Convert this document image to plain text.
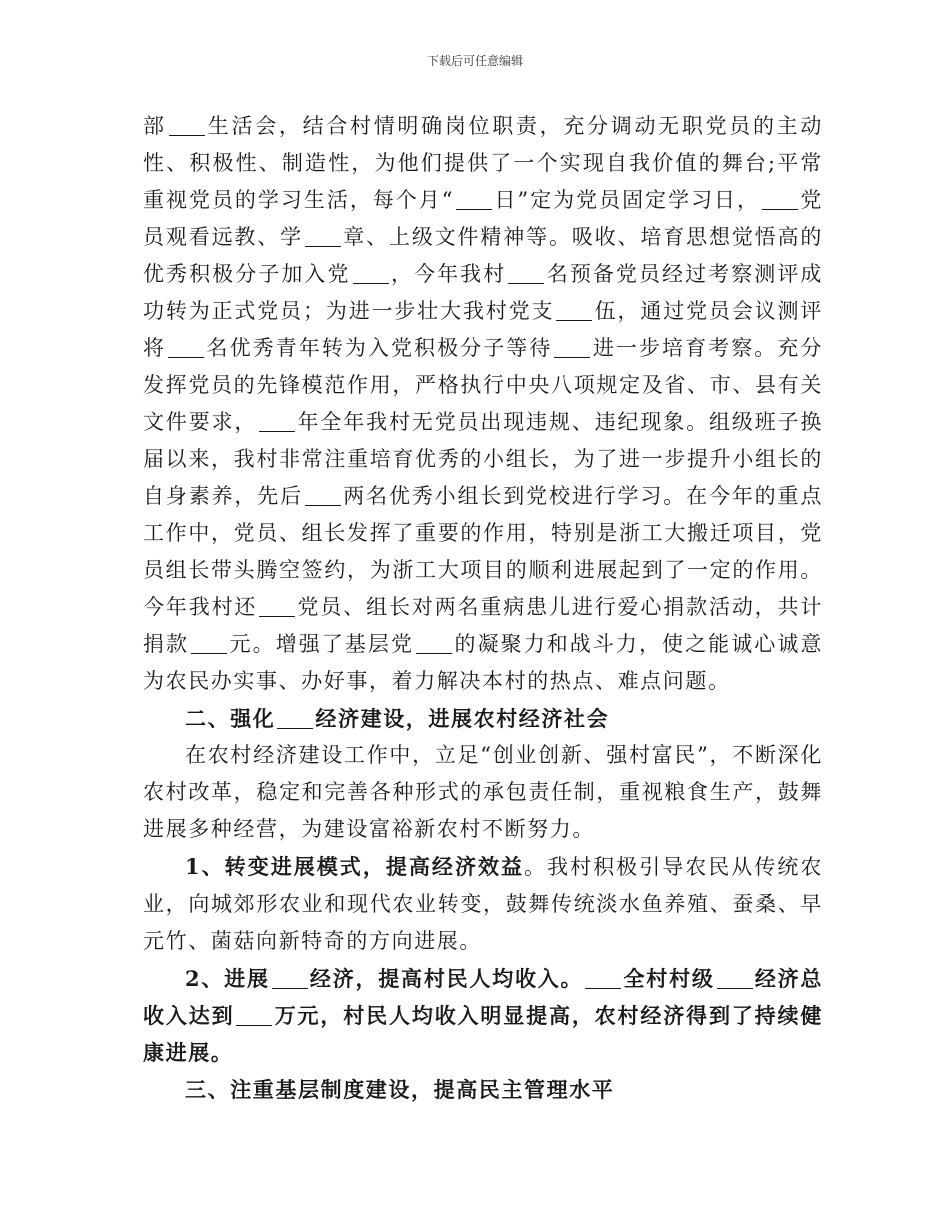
下载后可任意编辑

部 生活会，结合村情明确岗位职责，充分调动无职党员的主动性、积极性、制造性，为他们提供了一个实现自我价值的舞台;平常重视党员的学习生活，每个月“ 日”定为党员固定学习日， 党员观看远教、学 章、上级文件精神等。吸收、培育思想觉悟高的优秀积极分子加入党 ，今年我村 名预备党员经过考察测评成功转为正式党员；为进一步壮大我村党支 伍，通过党员会议测评将 名优秀青年转为入党积极分子等待 进一步培育考察。充分发挥党员的先锋模范作用，严格执行中央八项规定及省、市、县有关文件要求， 年全年我村无党员出现违规、违纪现象。组级班子换届以来，我村非常注重培育优秀的小组长，为了进一步提升小组长的自身素养，先后 两名优秀小组长到党校进行学习。在今年的重点工作中，党员、组长发挥了重要的作用，特别是浙工大搬迁项目，党员组长带头腾空签约，为浙工大项目的顺利进展起到了一定的作用。今年我村还 党员、组长对两名重病患儿进行爱心捐款活动，共计捐款 元。增强了基层党 的凝聚力和战斗力，使之能诚心诚意为农民办实事、办好事，着力解决本村的热点、难点问题。

二、强化 经济建设，进展农村经济社会

在农村经济建设工作中，立足“创业创新、强村富民”，不断深化农村改革，稳定和完善各种形式的承包责任制，重视粮食生产，鼓舞进展多种经营，为建设富裕新农村不断努力。

1、转变进展模式，提高经济效益。我村积极引导农民从传统农业，向城郊形农业和现代农业转变，鼓舞传统淡水鱼养殖、蚕桑、早元竹、菌菇向新特奇的方向进展。

2、进展 经济，提高村民人均收入。 全村村级 经济总收入达到 万元，村民人均收入明显提高，农村经济得到了持续健康进展。

三、注重基层制度建设，提高民主管理水平
